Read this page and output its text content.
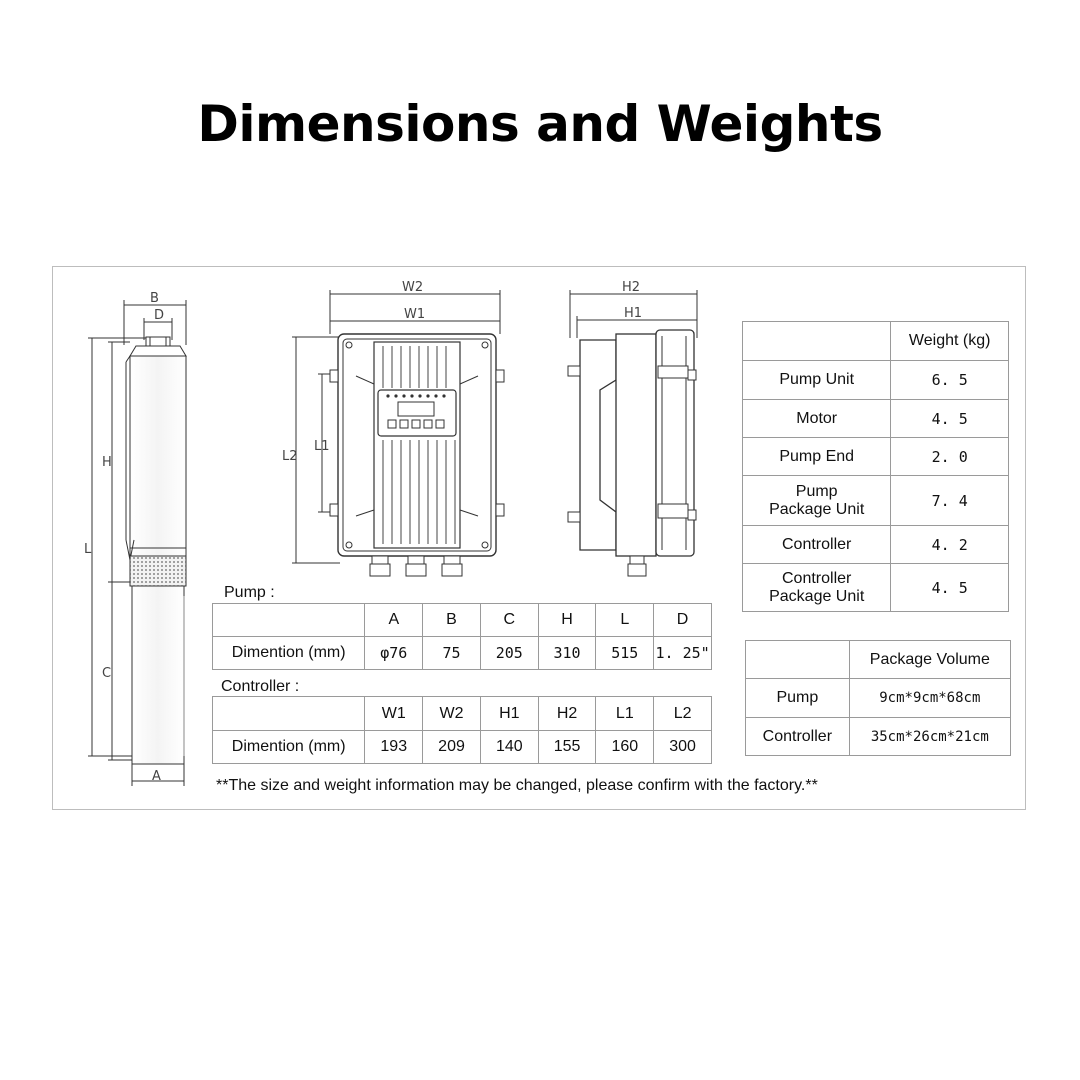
Dimensions and Weights
B
D
H
L
C
A
W2
W1
L2
L1
H2
H1
Pump :
	A	B	C	H	L	D
Dimention (mm)	φ76	75	205	310	515	1. 25"
Controller :
	W1	W2	H1	H2	L1	L2
Dimention (mm)	193	209	140	155	160	300
	Weight (kg)
Pump Unit	6. 5
Motor	4. 5
Pump End	2. 0

Pump
Package Unit	7. 4
Controller	4. 2

Controller
Package Unit	4. 5
	Package Volume
Pump	9cm*9cm*68cm
Controller	35cm*26cm*21cm
**The size and weight information may be changed, please confirm with the factory.**
